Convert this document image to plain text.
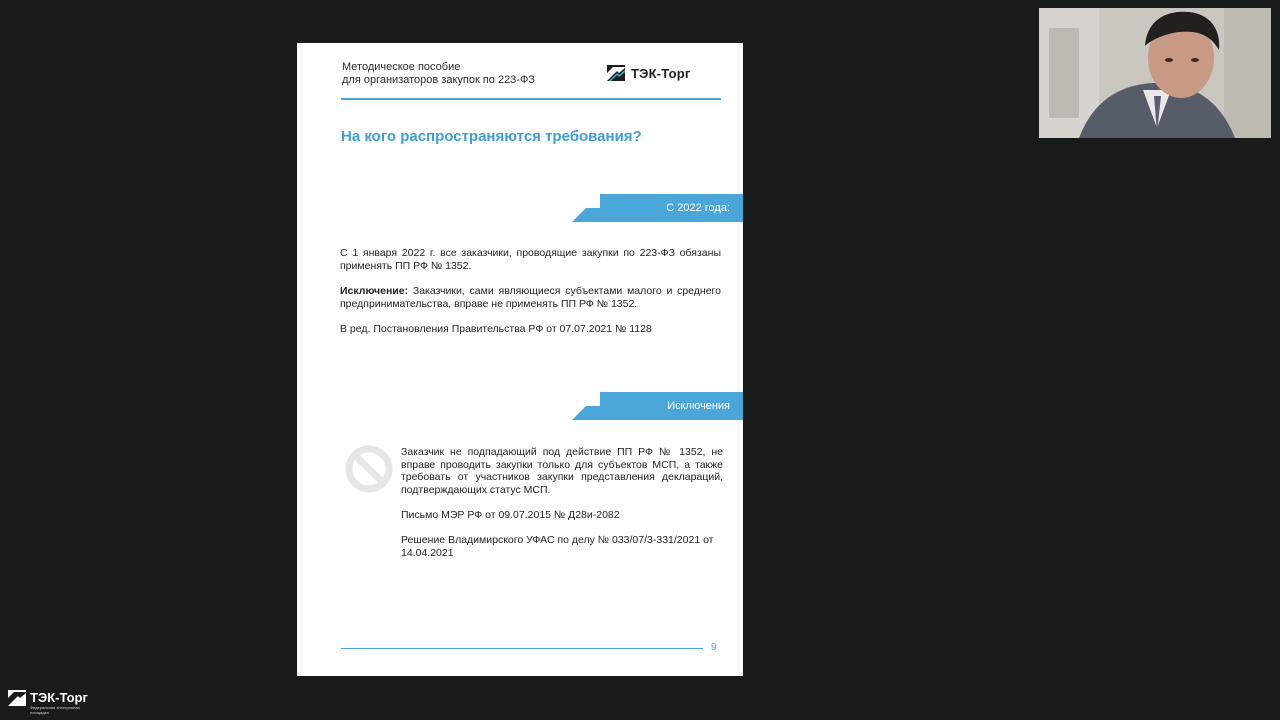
Методическое пособие
для организаторов закупок по 223-ФЗ	ТЭК-Торг
На кого распространяются требования?
С 2022 года:
С 1 января 2022 г. все заказчики, проводящие закупки по 223-ФЗ обязаны применять ПП РФ № 1352.
Исключение: Заказчики, сами являющиеся субъектами малого и среднего предпринимательства, вправе не применять ПП РФ № 1352.
В ред. Постановления Правительства РФ от 07.07.2021 № 1128
Исключения
Заказчик не подпадающий под действие ПП РФ № 1352, не вправе проводить закупки только для субъектов МСП, а также требовать от участников закупки представления деклараций, подтверждающих статус МСП.
Письмо МЭР РФ от 09.07.2015 № Д28и-2082
Решение Владимирского УФАС по делу № 033/07/3-331/2021 от 14.04.2021
9
ТЭК-Торг
Федеральная электронная площадка
